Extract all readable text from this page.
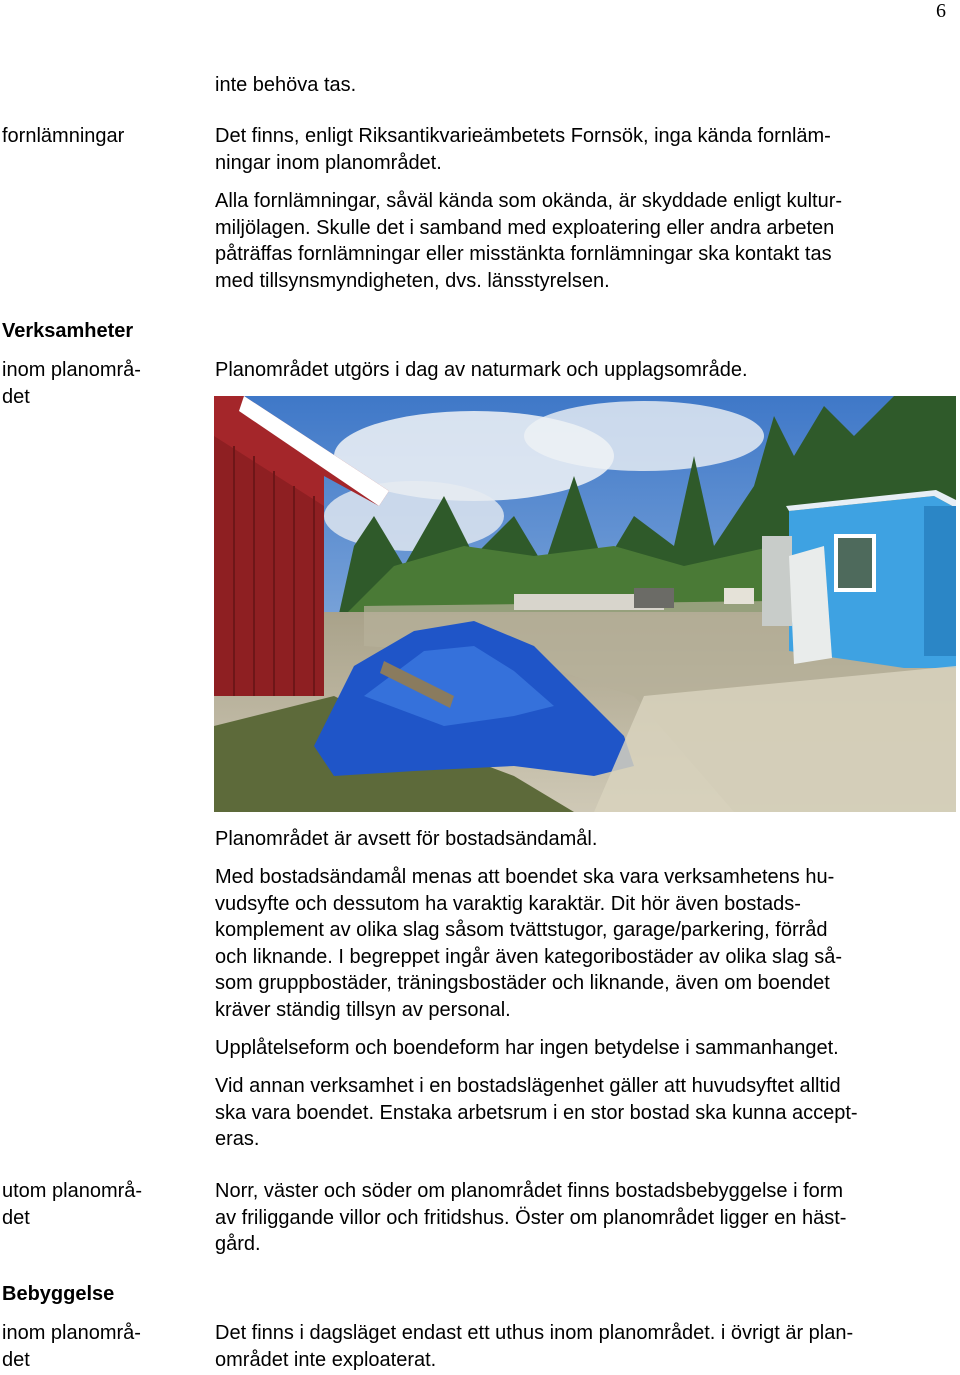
6
fornlämningar
Verksamheter
inom planområ-
det
utom planområ-
det
Bebyggelse
inom planområ-
det
inte behöva tas.
Det finns, enligt Riksantikvarieämbetets Fornsök, inga kända fornläm-
ningar inom planområdet.
Alla fornlämningar, såväl kända som okända, är skyddade enligt kultur-
miljölagen. Skulle det i samband med exploatering eller andra arbeten
påträffas fornlämningar eller misstänkta fornlämningar ska kontakt tas
med tillsynsmyndigheten, dvs. länsstyrelsen.
Planområdet utgörs i dag av naturmark och upplagsområde.
Planområdet är avsett för bostadsändamål.
Med bostadsändamål menas att boendet ska vara verksamhetens hu-
vudsyfte och dessutom ha varaktig karaktär. Dit hör även bostads-
komplement av olika slag såsom tvättstugor, garage/parkering, förråd
och liknande. I begreppet ingår även kategoribostäder av olika slag så-
som gruppbostäder, träningsbostäder och liknande, även om boendet
kräver ständig tillsyn av personal.
Upplåtelseform och boendeform har ingen betydelse i sammanhanget.
Vid annan verksamhet i en bostadslägenhet gäller att huvudsyftet alltid
ska vara boendet. Enstaka arbetsrum i en stor bostad ska kunna accept-
eras.
Norr, väster och söder om planområdet finns bostadsbebyggelse i form
av friliggande villor och fritidshus. Öster om planområdet ligger en häst-
gård.
Det finns i dagsläget endast ett uthus inom planområdet. i övrigt är plan-
området inte exploaterat.
